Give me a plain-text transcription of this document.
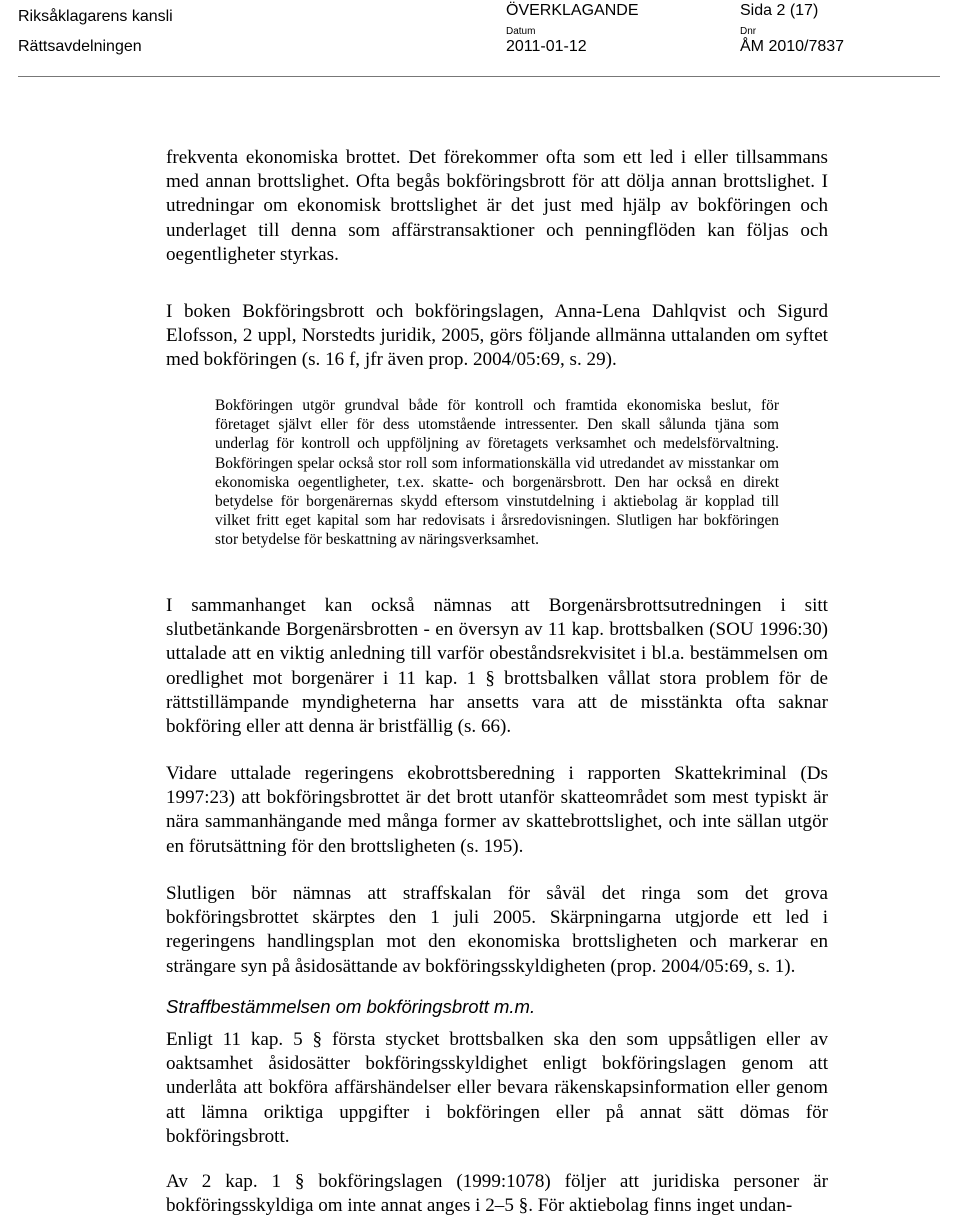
Riksåklagarens kansli
Rättsavdelningen
ÖVERKLAGANDE
Datum
2011-01-12
Sida 2 (17)
Dnr
ÅM 2010/7837

frekventa ekonomiska brottet. Det förekommer ofta som ett led i eller tillsammans med annan brottslighet. Ofta begås bokföringsbrott för att dölja annan brottslighet. I utredningar om ekonomisk brottslighet är det just med hjälp av bokföringen och underlaget till denna som affärstransaktioner och penningflöden kan följas och oegentligheter styrkas.

I boken Bokföringsbrott och bokföringslagen, Anna-Lena Dahlqvist och Sigurd Elofsson, 2 uppl, Norstedts juridik, 2005, görs följande allmänna uttalanden om syftet med bokföringen (s. 16 f, jfr även prop. 2004/05:69, s. 29).

Bokföringen utgör grundval både för kontroll och framtida ekonomiska beslut, för företaget självt eller för dess utomstående intressenter. Den skall sålunda tjäna som underlag för kontroll och uppföljning av företagets verksamhet och medelsförvaltning. Bokföringen spelar också stor roll som informationskälla vid utredandet av misstankar om ekonomiska oegentligheter, t.ex. skatte- och borgenärsbrott. Den har också en direkt betydelse för borgenärernas skydd eftersom vinstutdelning i aktiebolag är kopplad till vilket fritt eget kapital som har redovisats i årsredovisningen. Slutligen har bokföringen stor betydelse för beskattning av näringsverksamhet.

I sammanhanget kan också nämnas att Borgenärsbrottsutredningen i sitt slutbetänkande Borgenärsbrotten - en översyn av 11 kap. brottsbalken (SOU 1996:30) uttalade att en viktig anledning till varför obeståndsrekvisitet i bl.a. bestämmelsen om oredlighet mot borgenärer i 11 kap. 1 § brottsbalken vållat stora problem för de rättstillämpande myndigheterna har ansetts vara att de misstänkta ofta saknar bokföring eller att denna är bristfällig (s. 66).

Vidare uttalade regeringens ekobrottsberedning i rapporten Skattekriminal (Ds 1997:23) att bokföringsbrottet är det brott utanför skatteområdet som mest typiskt är nära sammanhängande med många former av skattebrottslighet, och inte sällan utgör en förutsättning för den brottsligheten (s. 195).

Slutligen bör nämnas att straffskalan för såväl det ringa som det grova bokföringsbrottet skärptes den 1 juli 2005. Skärpningarna utgjorde ett led i regeringens handlingsplan mot den ekonomiska brottsligheten och markerar en strängare syn på åsidosättande av bokföringsskyldigheten (prop. 2004/05:69, s. 1).

Straffbestämmelsen om bokföringsbrott m.m.

Enligt 11 kap. 5 § första stycket brottsbalken ska den som uppsåtligen eller av oaktsamhet åsidosätter bokföringsskyldighet enligt bokföringslagen genom att underlåta att bokföra affärshändelser eller bevara räkenskapsinformation eller genom att lämna oriktiga uppgifter i bokföringen eller på annat sätt dömas för bokföringsbrott.

Av 2 kap. 1 § bokföringslagen (1999:1078) följer att juridiska personer är bokföringsskyldiga om inte annat anges i 2–5 §. För aktiebolag finns inget undan-
